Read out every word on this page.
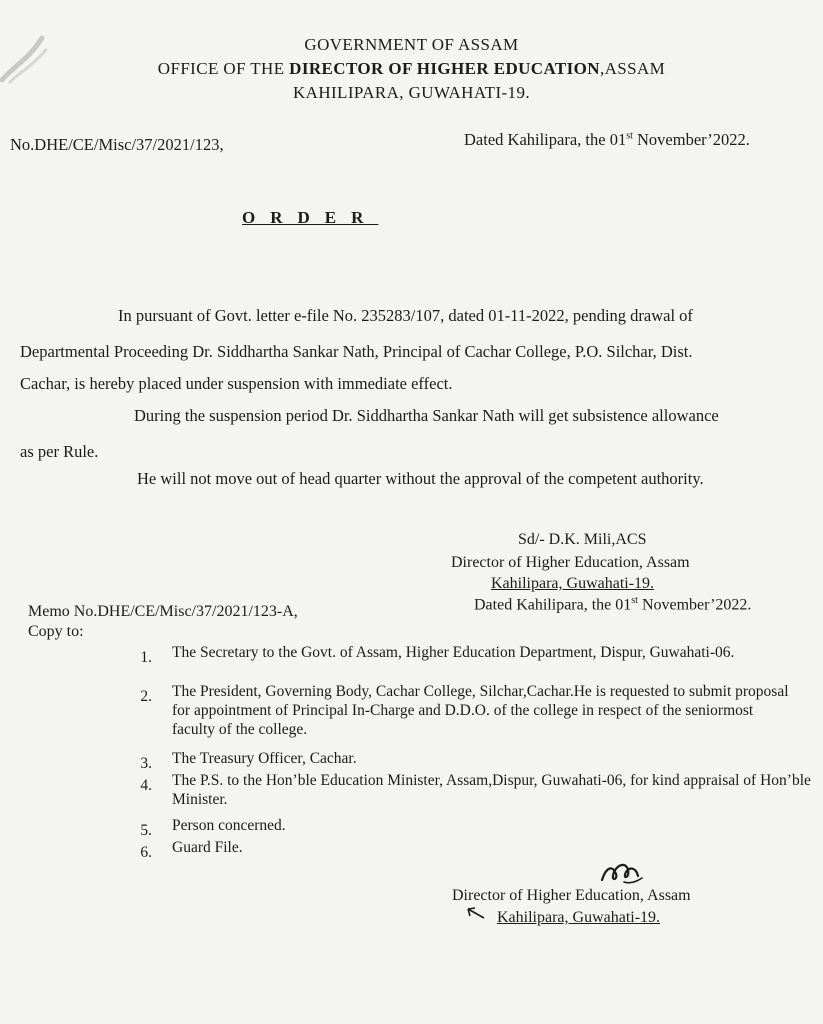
GOVERNMENT OF ASSAM
OFFICE OF THE DIRECTOR OF HIGHER EDUCATION,ASSAM
KAHILIPARA, GUWAHATI-19.
No.DHE/CE/Misc/37/2021/123,	Dated Kahilipara, the 01st November’2022.
ORDER
In pursuant of Govt. letter e-file No. 235283/107, dated 01-11-2022, pending drawal of
Departmental Proceeding Dr. Siddhartha Sankar Nath, Principal of Cachar College, P.O. Silchar, Dist.
Cachar, is hereby placed under suspension with immediate effect.
During the suspension period Dr. Siddhartha Sankar Nath will get subsistence allowance
as per Rule.
He will not move out of head quarter without the approval of the competent authority.
Sd/- D.K. Mili,ACS
Director of Higher Education, Assam
Kahilipara, Guwahati-19.
Dated Kahilipara, the 01st November’2022.
Memo No.DHE/CE/Misc/37/2021/123-A,
Copy to:
1. The Secretary to the Govt. of Assam, Higher Education Department, Dispur, Guwahati-06.
2. The President, Governing Body, Cachar College, Silchar,Cachar.He is requested to submit proposal for appointment of Principal In-Charge and D.D.O. of the college in respect of the seniormost faculty of the college.
3. The Treasury Officer, Cachar.
4. The P.S. to the Hon’ble Education Minister, Assam,Dispur, Guwahati-06, for kind appraisal of Hon’ble Minister.
5. Person concerned.
6. Guard File.
Director of Higher Education, Assam
Kahilipara, Guwahati-19.
